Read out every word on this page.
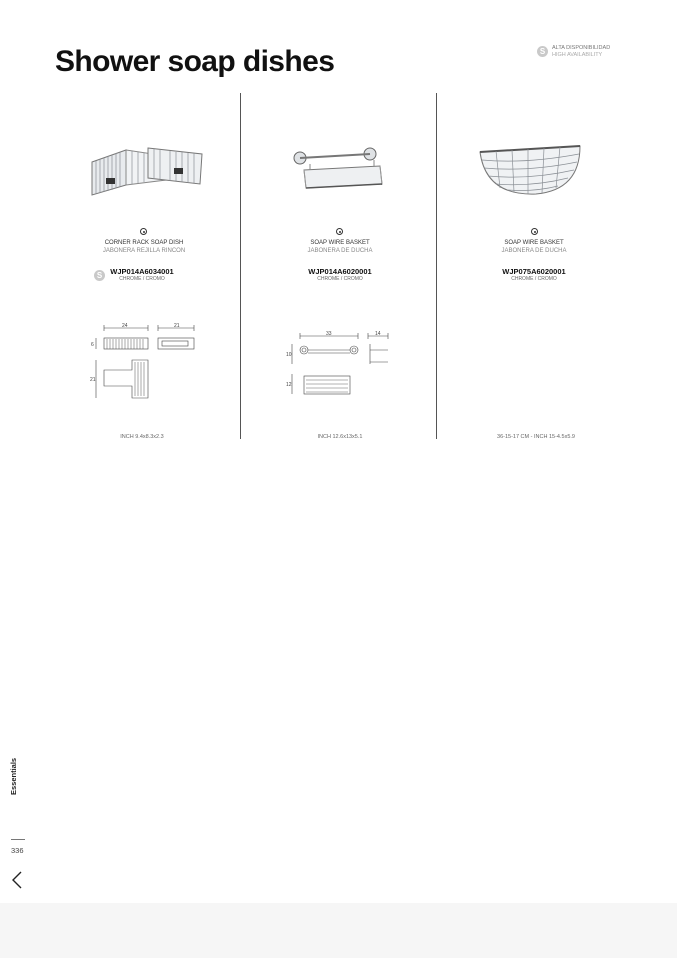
Shower soap dishes	S	ALTA DISPONIBILIDAD
HIGH AVAILABILITY
CORNER RACK SOAP DISH
JABONERA REJILLA RINCON
S	WJP014A6034001
CHROME / CROMO
SOAP WIRE BASKET
JABONERA DE DUCHA
WJP014A6020001
CHROME / CROMO
SOAP WIRE BASKET
JABONERA DE DUCHA
WJP075A6020001
CHROME / CROMO
24	21
6
21
33	14
10
12
INCH 9.4x8.3x2.3	INCH 12.6x13x5.1	36-15-17 CM - INCH 15-4.5x5.9
Essentials
336
